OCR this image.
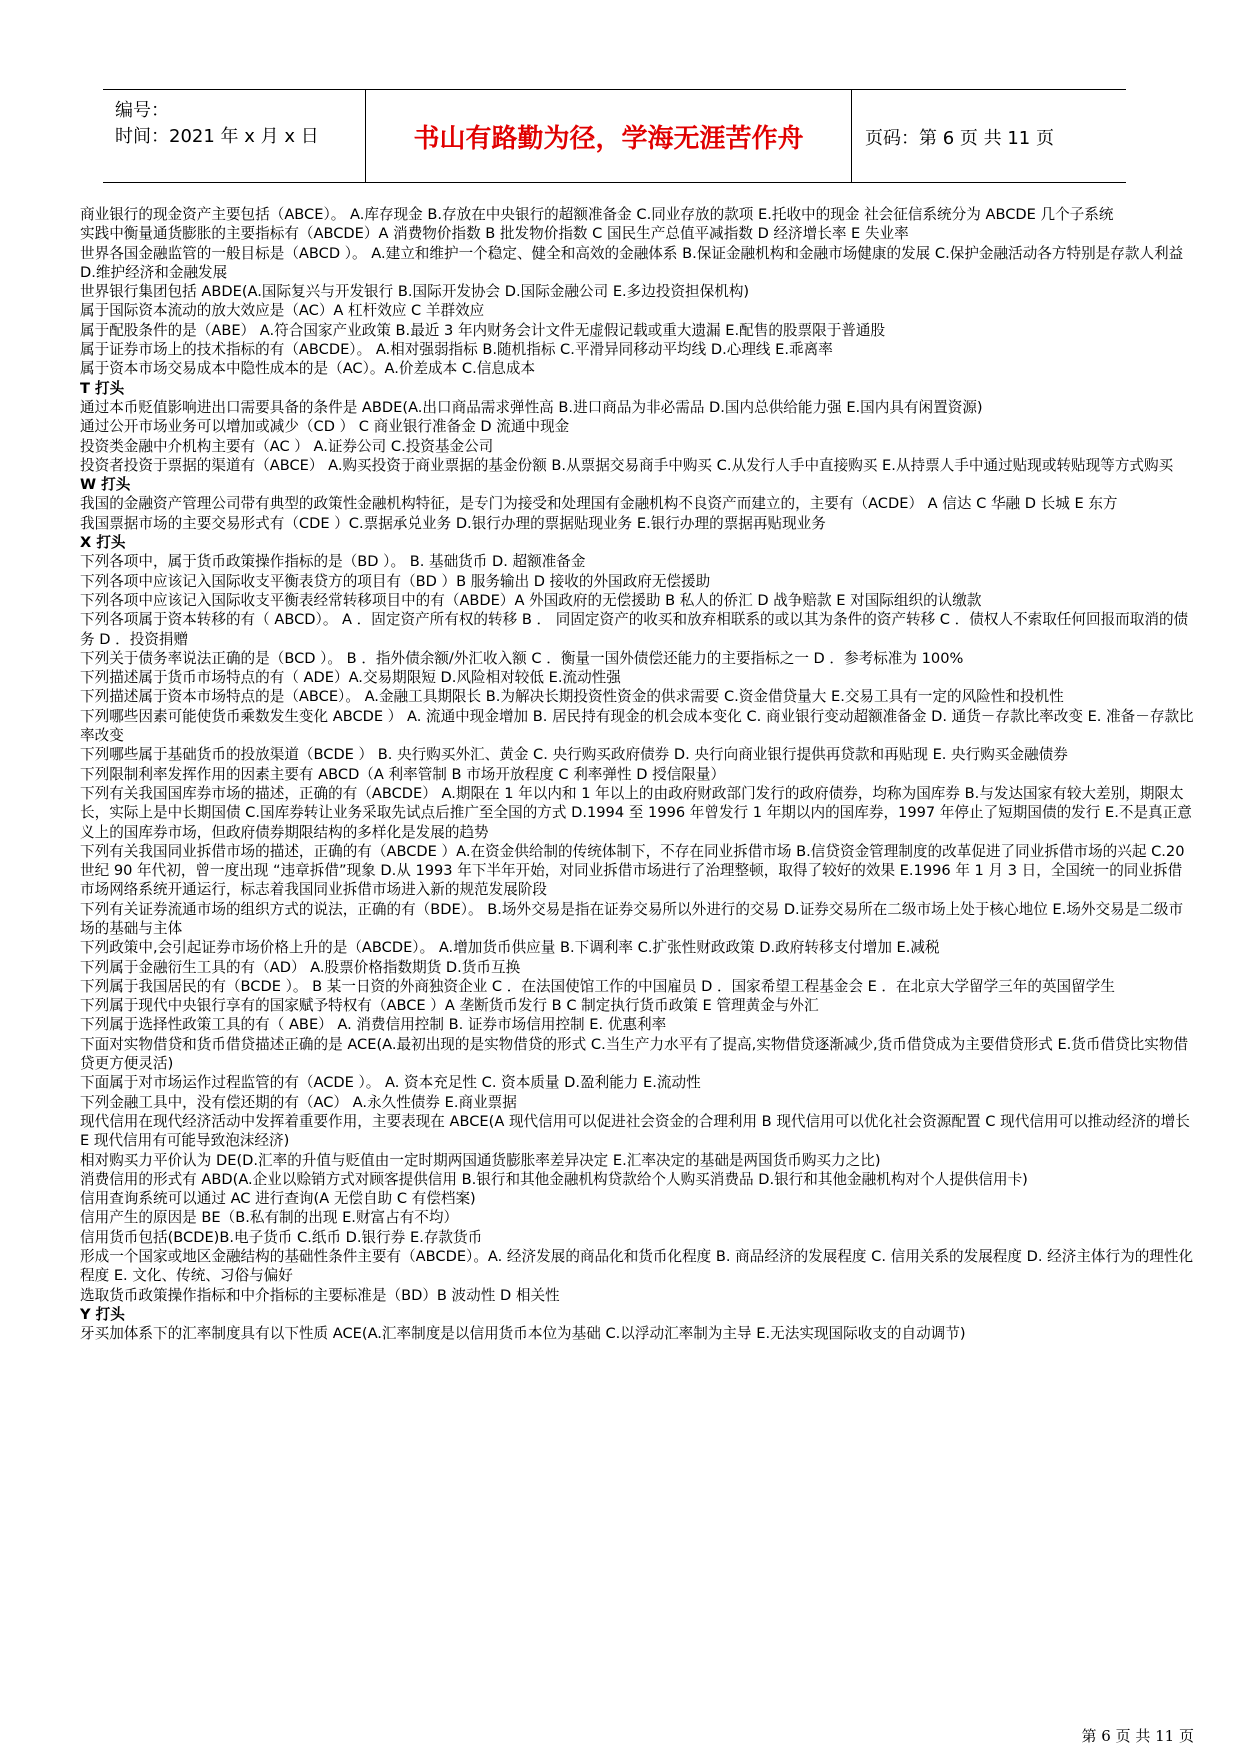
编号：
时间：2021 年 x 月 x 日	书山有路勤为径，学海无涯苦作舟	页码：第 6 页 共 11 页

商业银行的现金资产主要包括（ABCE）。 A.库存现金 B.存放在中央银行的超额准备金 C.同业存放的款项 E.托收中的现金 社会征信系统分为 ABCDE 几个子系统

实践中衡量通货膨胀的主要指标有（ABCDE）A 消费物价指数 B 批发物价指数 C 国民生产总值平减指数 D 经济增长率 E 失业率

世界各国金融监管的一般目标是（ABCD ）。 A.建立和维护一个稳定、健全和高效的金融体系 B.保证金融机构和金融市场健康的发展 C.保护金融活动各方特别是存款人利益 D.维护经济和金融发展

世界银行集团包括 ABDE(A.国际复兴与开发银行 B.国际开发协会 D.国际金融公司 E.多边投资担保机构)

属于国际资本流动的放大效应是（AC）A 杠杆效应 C 羊群效应

属于配股条件的是（ABE） A.符合国家产业政策 B.最近 3 年内财务会计文件无虚假记载或重大遗漏 E.配售的股票限于普通股

属于证券市场上的技术指标的有（ABCDE）。 A.相对强弱指标 B.随机指标 C.平滑异同移动平均线 D.心理线 E.乖离率

属于资本市场交易成本中隐性成本的是（AC）。A.价差成本 C.信息成本

T 打头

通过本币贬值影响进出口需要具备的条件是 ABDE(A.出口商品需求弹性高 B.进口商品为非必需品 D.国内总供给能力强 E.国内具有闲置资源)

通过公开市场业务可以增加或减少（CD ） C 商业银行准备金 D 流通中现金

投资类金融中介机构主要有（AC ） A.证券公司 C.投资基金公司

投资者投资于票据的渠道有（ABCE） A.购买投资于商业票据的基金份额 B.从票据交易商手中购买 C.从发行人手中直接购买 E.从持票人手中通过贴现或转贴现等方式购买

W 打头

我国的金融资产管理公司带有典型的政策性金融机构特征，是专门为接受和处理国有金融机构不良资产而建立的，主要有（ACDE） A 信达 C 华融 D 长城 E 东方

我国票据市场的主要交易形式有（CDE ）C.票据承兑业务 D.银行办理的票据贴现业务 E.银行办理的票据再贴现业务

X 打头

下列各项中，属于货币政策操作指标的是（BD ）。 B. 基础货币 D. 超额准备金

下列各项中应该记入国际收支平衡表贷方的项目有（BD ）B 服务输出 D 接收的外国政府无偿援助

下列各项中应该记入国际收支平衡表经常转移项目中的有（ABDE）A 外国政府的无偿援助 B 私人的侨汇 D 战争赔款 E 对国际组织的认缴款

下列各项属于资本转移的有（ ABCD）。 A ．固定资产所有权的转移 B ． 同固定资产的收买和放弃相联系的或以其为条件的资产转移 C ．债权人不索取任何回报而取消的债务 D ．投资捐赠

下列关于债务率说法正确的是（BCD ）。 B ．指外债余额/外汇收入额 C ．衡量一国外债偿还能力的主要指标之一 D ．参考标准为 100%

下列描述属于货币市场特点的有（ ADE）A.交易期限短 D.风险相对较低 E.流动性强

下列描述属于资本市场特点的是（ABCE）。 A.金融工具期限长 B.为解决长期投资性资金的供求需要 C.资金借贷量大 E.交易工具有一定的风险性和投机性

下列哪些因素可能使货币乘数发生变化 ABCDE ） A. 流通中现金增加 B. 居民持有现金的机会成本变化 C. 商业银行变动超额准备金 D. 通货－存款比率改变 E. 准备－存款比率改变

下列哪些属于基础货币的投放渠道（BCDE ） B. 央行购买外汇、黄金 C. 央行购买政府债券 D. 央行向商业银行提供再贷款和再贴现 E. 央行购买金融债券

下列限制利率发挥作用的因素主要有 ABCD（A 利率管制 B 市场开放程度 C 利率弹性 D 授信限量）

下列有关我国国库券市场的描述，正确的有（ABCDE） A.期限在 1 年以内和 1 年以上的由政府财政部门发行的政府债券，均称为国库券 B.与发达国家有较大差别，期限太长，实际上是中长期国债 C.国库券转让业务采取先试点后推广至全国的方式 D.1994 至 1996 年曾发行 1 年期以内的国库券，1997 年停止了短期国债的发行 E.不是真正意义上的国库券市场，但政府债券期限结构的多样化是发展的趋势

下列有关我国同业拆借市场的描述，正确的有（ABCDE ）A.在资金供给制的传统体制下，不存在同业拆借市场 B.信贷资金管理制度的改革促进了同业拆借市场的兴起 C.20 世纪 90 年代初，曾一度出现 “违章拆借”现象 D.从 1993 年下半年开始，对同业拆借市场进行了治理整顿，取得了较好的效果 E.1996 年 1 月 3 日，全国统一的同业拆借市场网络系统开通运行，标志着我国同业拆借市场进入新的规范发展阶段

下列有关证券流通市场的组织方式的说法，正确的有（BDE）。 B.场外交易是指在证券交易所以外进行的交易 D.证券交易所在二级市场上处于核心地位 E.场外交易是二级市场的基础与主体

下列政策中,会引起证券市场价格上升的是（ABCDE）。 A.增加货币供应量 B.下调利率 C.扩张性财政政策 D.政府转移支付增加 E.减税

下列属于金融衍生工具的有（AD） A.股票价格指数期货 D.货币互换

下列属于我国居民的有（BCDE ）。 B 某一日资的外商独资企业 C ．在法国使馆工作的中国雇员 D ．国家希望工程基金会 E ．在北京大学留学三年的英国留学生

下列属于现代中央银行享有的国家赋予特权有（ABCE ）A 垄断货币发行 B C 制定执行货币政策 E 管理黄金与外汇

下列属于选择性政策工具的有（ ABE） A. 消费信用控制 B. 证券市场信用控制 E. 优惠利率

下面对实物借贷和货币借贷描述正确的是 ACE(A.最初出现的是实物借贷的形式 C.当生产力水平有了提高,实物借贷逐渐减少,货币借贷成为主要借贷形式 E.货币借贷比实物借贷更方便灵活)

下面属于对市场运作过程监管的有（ACDE ）。 A. 资本充足性 C. 资本质量 D.盈利能力 E.流动性

下列金融工具中，没有偿还期的有（AC） A.永久性债券 E.商业票据

现代信用在现代经济活动中发挥着重要作用，主要表现在 ABCE(A 现代信用可以促进社会资金的合理利用 B 现代信用可以优化社会资源配置 C 现代信用可以推动经济的增长 E 现代信用有可能导致泡沫经济)

相对购买力平价认为 DE(D.汇率的升值与贬值由一定时期两国通货膨胀率差异决定 E.汇率决定的基础是两国货币购买力之比)

消费信用的形式有 ABD(A.企业以赊销方式对顾客提供信用 B.银行和其他金融机构贷款给个人购买消费品 D.银行和其他金融机构对个人提供信用卡)

信用查询系统可以通过 AC 进行查询(A 无偿自助 C 有偿档案)

信用产生的原因是 BE（B.私有制的出现 E.财富占有不均）

信用货币包括(BCDE)B.电子货币 C.纸币 D.银行券 E.存款货币

形成一个国家或地区金融结构的基础性条件主要有（ABCDE）。A. 经济发展的商品化和货币化程度 B. 商品经济的发展程度 C. 信用关系的发展程度 D. 经济主体行为的理性化程度 E. 文化、传统、习俗与偏好

选取货币政策操作指标和中介指标的主要标准是（BD）B 波动性 D 相关性

Y 打头

牙买加体系下的汇率制度具有以下性质 ACE(A.汇率制度是以信用货币本位为基础 C.以浮动汇率制为主导 E.无法实现国际收支的自动调节)

第 6 页 共 11 页
